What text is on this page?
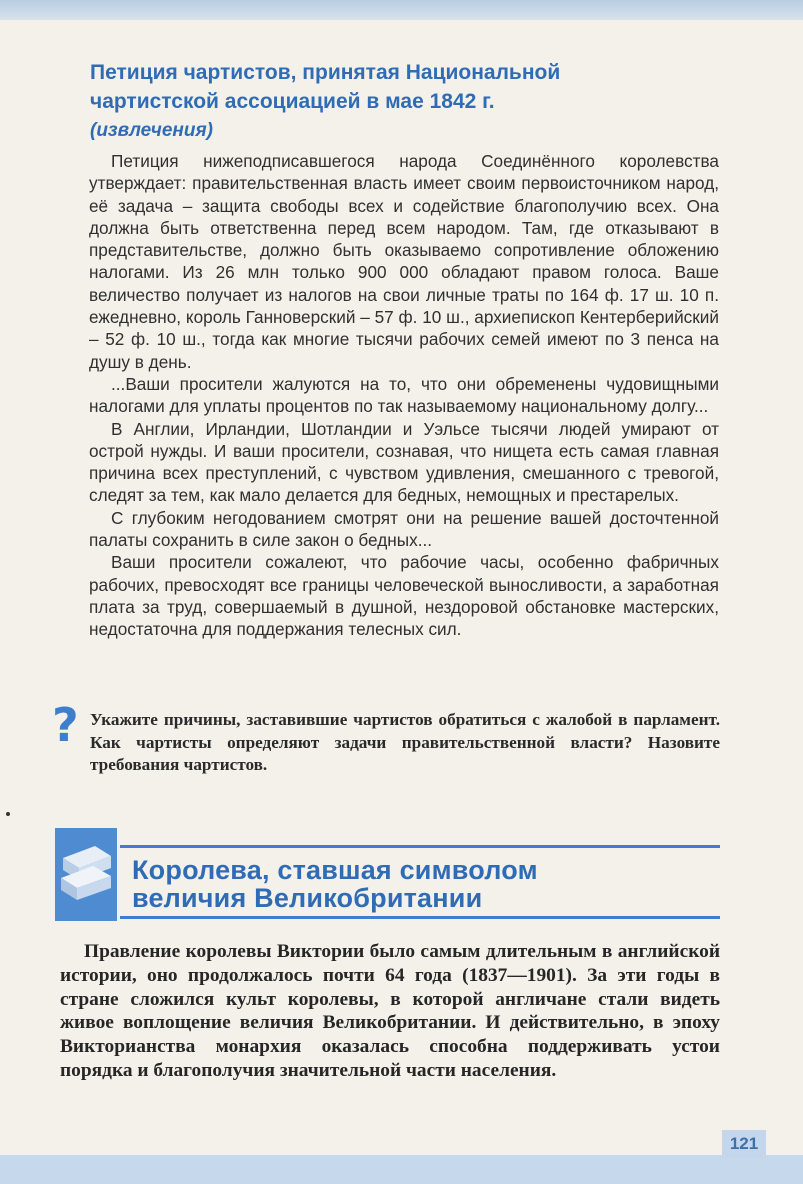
Петиция чартистов, принятая Национальной
чартистской ассоциацией в мае 1842 г.
(извлечения)

Петиция нижеподписавшегося народа Соединённого королевства утверждает: правительственная власть имеет своим первоисточником народ, её задача – защита свободы всех и содействие благополучию всех. Она должна быть ответственна перед всем народом. Там, где отказывают в представительстве, должно быть оказываемо сопротивление обложению налогами. Из 26 млн только 900 000 обладают правом голоса. Ваше величество получает из налогов на свои личные траты по 164 ф. 17 ш. 10 п. ежедневно, король Ганноверский – 57 ф. 10 ш., архиепископ Кентерберийский – 52 ф. 10 ш., тогда как многие тысячи рабочих семей имеют по 3 пенса на душу в день.

...Ваши просители жалуются на то, что они обременены чудовищными налогами для уплаты процентов по так называемому национальному долгу...

В Англии, Ирландии, Шотландии и Уэльсе тысячи людей умирают от острой нужды. И ваши просители, сознавая, что нищета есть самая главная причина всех преступлений, с чувством удивления, смешанного с тревогой, следят за тем, как мало делается для бедных, немощных и престарелых.

С глубоким негодованием смотрят они на решение вашей досточтенной палаты сохранить в силе закон о бедных...

Ваши просители сожалеют, что рабочие часы, особенно фабричных рабочих, превосходят все границы человеческой выносливости, а заработная плата за труд, совершаемый в душной, нездоровой обстановке мастерских, недостаточна для поддержания телесных сил.

? Укажите причины, заставившие чартистов обратиться с жалобой в парламент. Как чартисты определяют задачи правительственной власти? Назовите требования чартистов.
Королева, ставшая символом
величия Великобритании

Правление королевы Виктории было самым длительным в английской истории, оно продолжалось почти 64 года (1837—1901). За эти годы в стране сложился культ королевы, в которой англичане стали видеть живое воплощение величия Великобритании. И действительно, в эпоху Викторианства монархия оказалась способна поддерживать устои порядка и благополучия значительной части населения.

121
